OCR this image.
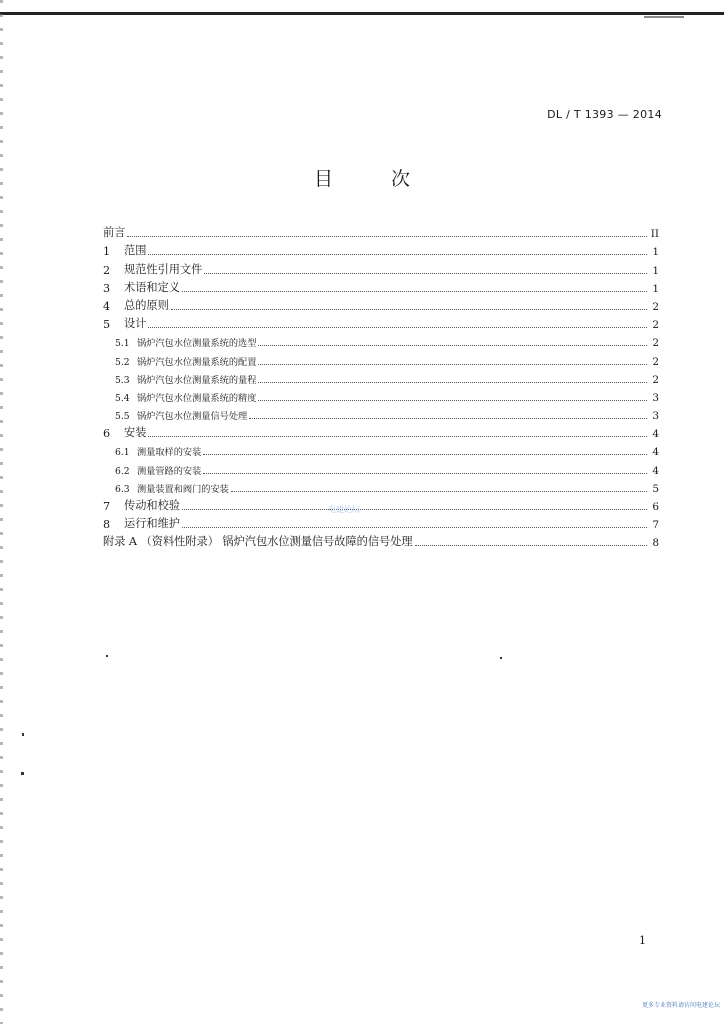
DL / T 1393 — 2014
目 次
前言	II
1	范围	1
2	规范性引用文件	1
3	术语和定义	1
4	总的原则	2
5	设计	2
5.1 锅炉汽包水位测量系统的选型	2
5.2 锅炉汽包水位测量系统的配置	2
5.3 锅炉汽包水位测量系统的量程	2
5.4 锅炉汽包水位测量系统的精度	3
5.5 锅炉汽包水位测量信号处理	3
6	安装	4
6.1 测量取样的安装	4
6.2 测量管路的安装	4
6.3 测量装置和阀门的安装	5
7	传动和校验	6
8	运行和维护	7
附录 A （资料性附录） 锅炉汽包水位测量信号故障的信号处理	8
电建论坛
1
更多专业资料请访问电建论坛
